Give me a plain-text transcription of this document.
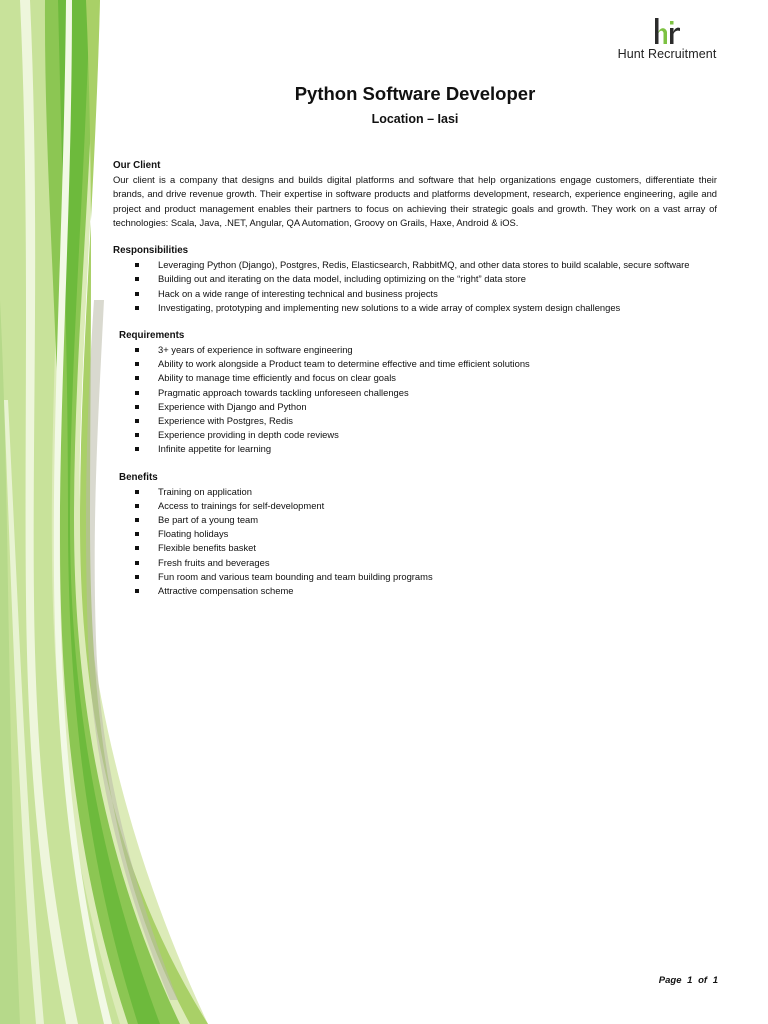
Hunt Recruitment
Python Software Developer
Location – Iasi
Our Client
Our client is a company that designs and builds digital platforms and software that help organizations engage customers, differentiate their brands, and drive revenue growth. Their expertise in software products and platforms development, research, experience engineering, agile and project and product management enables their partners to focus on achieving their strategic goals and growth. They work on a vast array of technologies: Scala, Java, .NET, Angular, QA Automation, Groovy on Grails, Haxe, Android & iOS.
Responsibilities
Leveraging Python (Django), Postgres, Redis, Elasticsearch, RabbitMQ, and other data stores to build scalable, secure software
Building out and iterating on the data model, including optimizing on the “right” data store
Hack on a wide range of interesting technical and business projects
Investigating, prototyping and implementing new solutions to a wide array of complex system design challenges
Requirements
3+ years of experience in software engineering
Ability to work alongside a Product team to determine effective and time efficient solutions
Ability to manage time efficiently and focus on clear goals
Pragmatic approach towards tackling unforeseen challenges
Experience with Django and Python
Experience with Postgres, Redis
Experience providing in depth code reviews
Infinite appetite for learning
Benefits
Training on application
Access to trainings for self-development
Be part of a young team
Floating holidays
Flexible benefits basket
Fresh fruits and beverages
Fun room and various team bounding and team building programs
Attractive compensation scheme
Page 1 of 1
